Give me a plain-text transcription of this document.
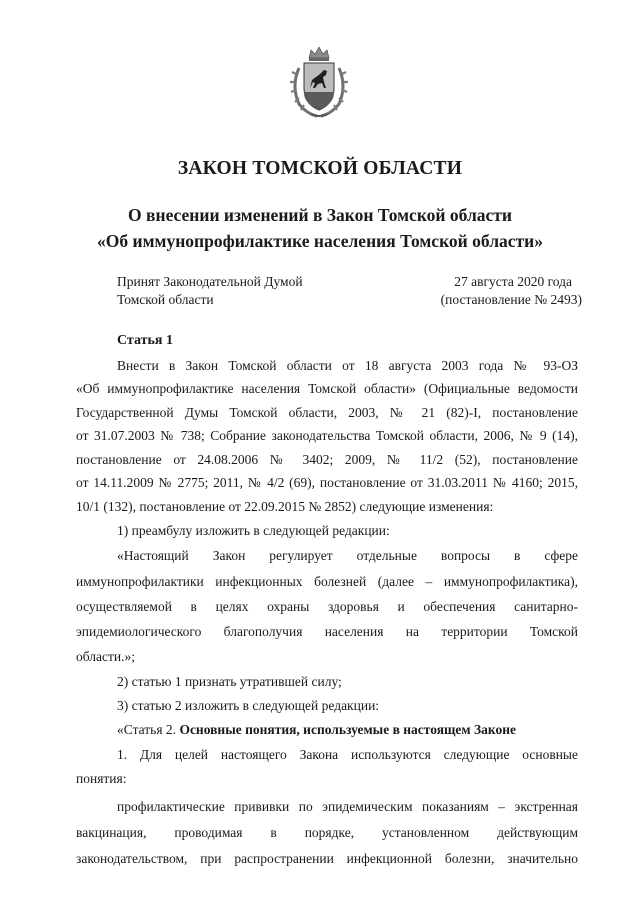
ЗАКОН ТОМСКОЙ ОБЛАСТИ
О внесении изменений в Закон Томской области
«Об иммунопрофилактике населения Томской области»
Принят Законодательной Думой
Томской области
27 августа 2020 года
(постановление № 2493)
Статья 1
Внести в Закон Томской области от 18 августа 2003 года № 93-ОЗ
«Об иммунопрофилактике населения Томской области» (Официальные ведомости
Государственной Думы Томской области, 2003, № 21 (82)-I, постановление
от 31.07.2003 № 738; Собрание законодательства Томской области, 2006, № 9 (14),
постановление от 24.08.2006 № 3402; 2009, № 11/2 (52), постановление
от 14.11.2009 № 2775; 2011, № 4/2 (69), постановление от 31.03.2011 № 4160; 2015,
10/1 (132), постановление от 22.09.2015 № 2852) следующие изменения:
1) преамбулу изложить в следующей редакции:
«Настоящий Закон регулирует отдельные вопросы в сфере
иммунопрофилактики инфекционных болезней (далее – иммунопрофилактика),
осуществляемой в целях охраны здоровья и обеспечения санитарно-
эпидемиологического благополучия населения на территории Томской
области.»;
2) статью 1 признать утратившей силу;
3) статью 2 изложить в следующей редакции:
«Статья 2. Основные понятия, используемые в настоящем Законе
1. Для целей настоящего Закона используются следующие основные
понятия:
профилактические прививки по эпидемическим показаниям – экстренная
вакцинация, проводимая в порядке, установленном действующим
законодательством, при распространении инфекционной болезни, значительно
